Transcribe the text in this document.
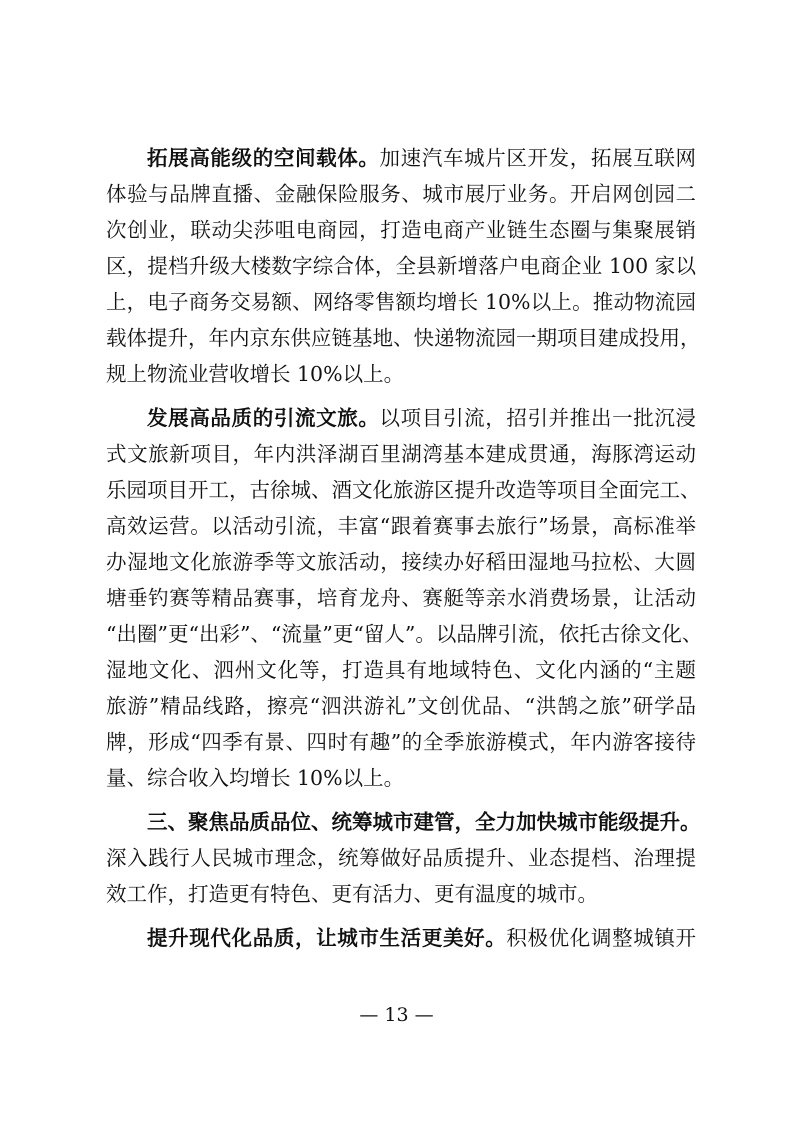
拓展高能级的空间载体。加速汽车城片区开发，拓展互联网
体验与品牌直播、金融保险服务、城市展厅业务。开启网创园二
次创业，联动尖莎咀电商园，打造电商产业链生态圈与集聚展销
区，提档升级大楼数字综合体，全县新增落户电商企业 100 家以
上，电子商务交易额、网络零售额均增长 10%以上。推动物流园
载体提升，年内京东供应链基地、快递物流园一期项目建成投用，
规上物流业营收增长 10%以上。
发展高品质的引流文旅。以项目引流，招引并推出一批沉浸
式文旅新项目，年内洪泽湖百里湖湾基本建成贯通，海豚湾运动
乐园项目开工，古徐城、酒文化旅游区提升改造等项目全面完工、
高效运营。以活动引流，丰富“跟着赛事去旅行”场景，高标准举
办湿地文化旅游季等文旅活动，接续办好稻田湿地马拉松、大圆
塘垂钓赛等精品赛事，培育龙舟、赛艇等亲水消费场景，让活动
“出圈”更“出彩”、“流量”更“留人”。以品牌引流，依托古徐文化、
湿地文化、泗州文化等，打造具有地域特色、文化内涵的“主题
旅游”精品线路，擦亮“泗洪游礼”文创优品、“洪鹄之旅”研学品
牌，形成“四季有景、四时有趣”的全季旅游模式，年内游客接待
量、综合收入均增长 10%以上。
三、聚焦品质品位、统筹城市建管，全力加快城市能级提升。
深入践行人民城市理念，统筹做好品质提升、业态提档、治理提
效工作，打造更有特色、更有活力、更有温度的城市。
提升现代化品质，让城市生活更美好。积极优化调整城镇开
— 13 —
